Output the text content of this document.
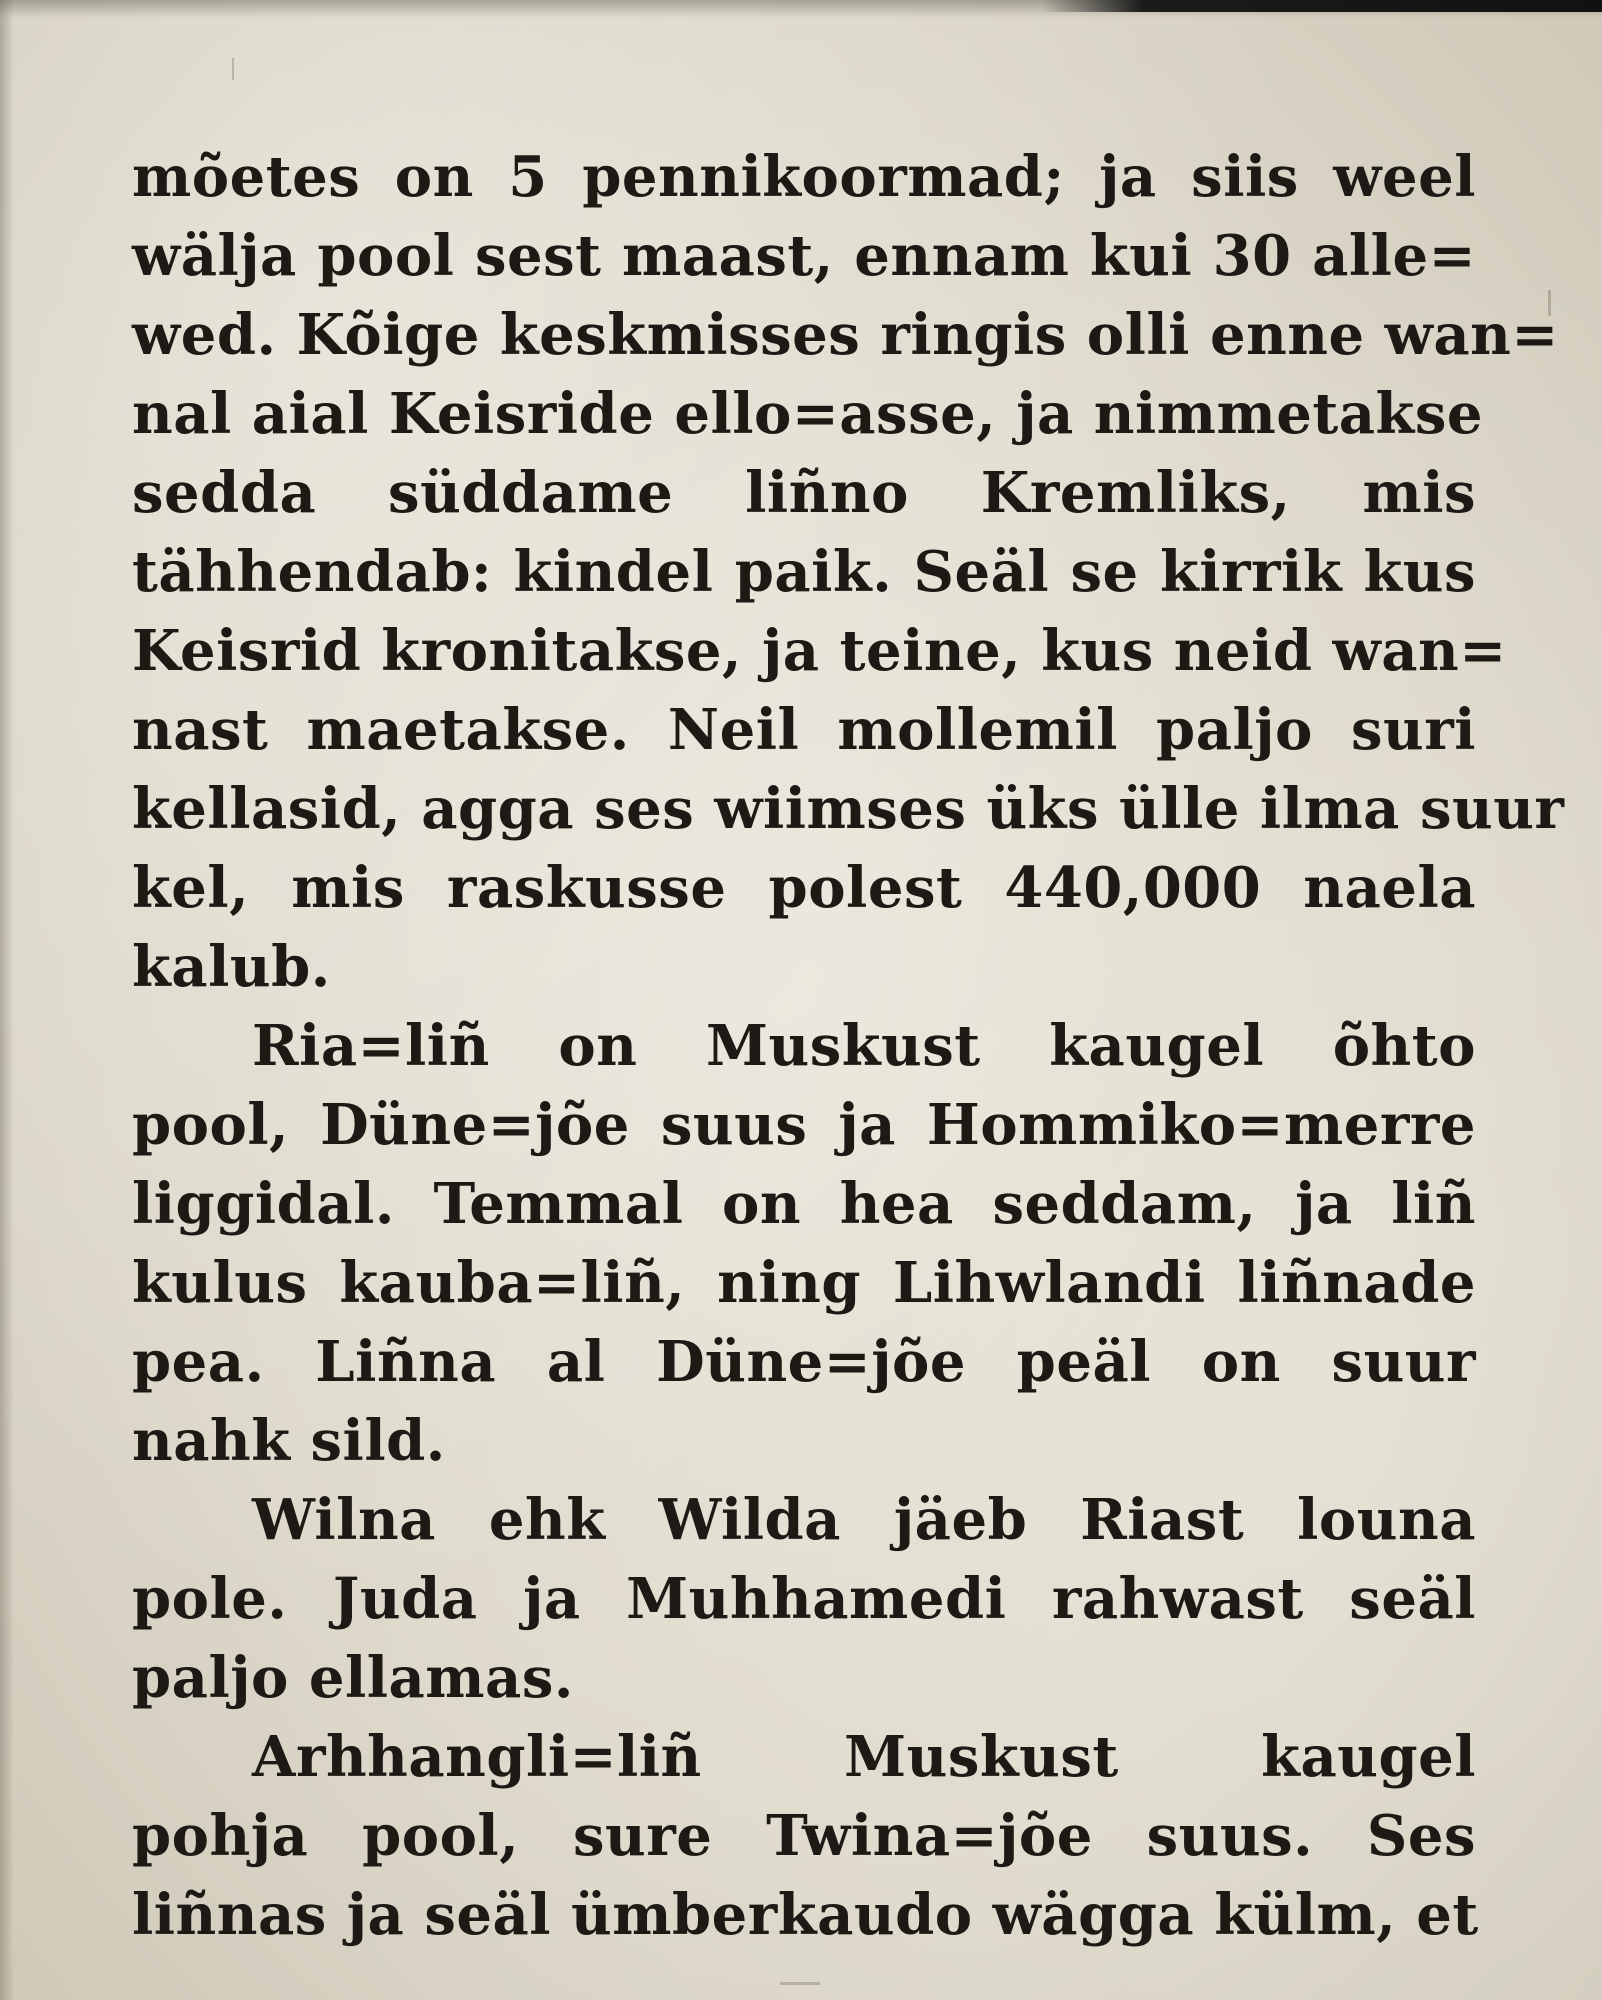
mõetes on 5 pennikoormad; ja siis weel
wälja pool sest maast, ennam kui 30 alle=
wed. Kõige keskmisses ringis olli enne wan=
nal aial Keisride ello=asse, ja nimmetakse
sedda süddame liñno Kremliks, mis
tähhendab: kindel paik. Seäl se kirrik kus
Keisrid kronitakse, ja teine, kus neid wan=
nast maetakse. Neil mollemil paljo suri
kellasid, agga ses wiimses üks ülle ilma suur
kel, mis raskusse polest 440,000 naela
kalub.
Ria=liñ on Muskust kaugel õhto
pool, Düne=jõe suus ja Hommiko=merre
liggidal. Temmal on hea seddam, ja liñ
kulus kauba=liñ, ning Lihwlandi liñnade
pea. Liñna al Düne=jõe peäl on suur
nahk sild.
Wilna ehk Wilda jäeb Riast louna
pole. Juda ja Muhhamedi rahwast seäl
paljo ellamas.
Arhhangli=liñ Muskust kaugel
pohja pool, sure Twina=jõe suus. Ses
liñnas ja seäl ümberkaudo wägga külm, et
